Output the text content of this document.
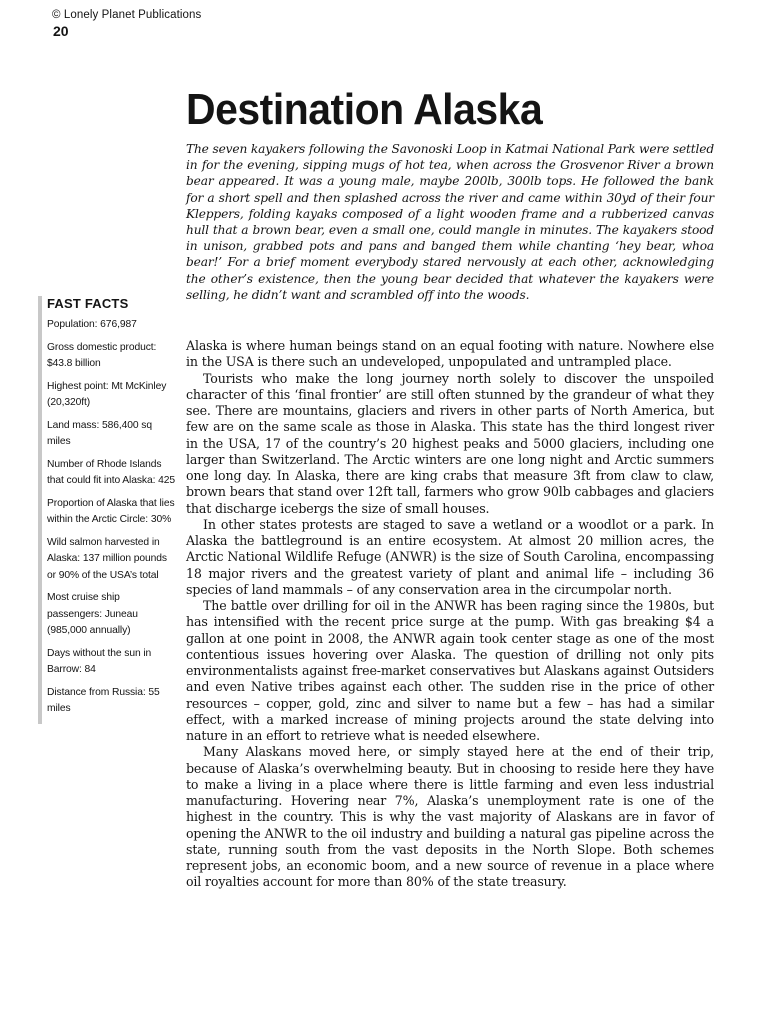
© Lonely Planet Publications
20
Destination Alaska

The seven kayakers following the Savonoski Loop in Katmai National Park were settled in for the evening, sipping mugs of hot tea, when across the Grosvenor River a brown bear appeared. It was a young male, maybe 200lb, 300lb tops. He followed the bank for a short spell and then splashed across the river and came within 30yd of their four Kleppers, folding kayaks composed of a light wooden frame and a rubberized canvas hull that a brown bear, even a small one, could mangle in minutes. The kayakers stood in unison, grabbed pots and pans and banged them while chanting ‘hey bear, whoa bear!’ For a brief moment everybody stared nervously at each other, acknowledging the other’s existence, then the young bear decided that whatever the kayakers were selling, he didn’t want and scrambled off into the woods.

FAST FACTS
Population: 676,987
Gross domestic product: $43.8 billion
Highest point: Mt McKinley (20,320ft)
Land mass: 586,400 sq miles
Number of Rhode Islands that could fit into Alaska: 425
Proportion of Alaska that lies within the Arctic Circle: 30%
Wild salmon harvested in Alaska: 137 million pounds or 90% of the USA’s total
Most cruise ship passengers: Juneau (985,000 annually)
Days without the sun in Barrow: 84
Distance from Russia: 55 miles

Alaska is where human beings stand on an equal footing with nature. Nowhere else in the USA is there such an undeveloped, unpopulated and untrampled place.

Tourists who make the long journey north solely to discover the unspoiled character of this ‘final frontier’ are still often stunned by the grandeur of what they see. There are mountains, glaciers and rivers in other parts of North America, but few are on the same scale as those in Alaska. This state has the third longest river in the USA, 17 of the country’s 20 highest peaks and 5000 glaciers, including one larger than Switzerland. The Arctic winters are one long night and Arctic summers one long day. In Alaska, there are king crabs that measure 3ft from claw to claw, brown bears that stand over 12ft tall, farmers who grow 90lb cabbages and glaciers that discharge icebergs the size of small houses.

In other states protests are staged to save a wetland or a woodlot or a park. In Alaska the battleground is an entire ecosystem. At almost 20 million acres, the Arctic National Wildlife Refuge (ANWR) is the size of South Carolina, encompassing 18 major rivers and the greatest variety of plant and animal life – including 36 species of land mammals – of any conservation area in the circumpolar north.

The battle over drilling for oil in the ANWR has been raging since the 1980s, but has intensified with the recent price surge at the pump. With gas breaking $4 a gallon at one point in 2008, the ANWR again took center stage as one of the most contentious issues hovering over Alaska. The question of drilling not only pits environmentalists against free-market conservatives but Alaskans against Outsiders and even Native tribes against each other. The sudden rise in the price of other resources – copper, gold, zinc and silver to name but a few – has had a similar effect, with a marked increase of mining projects around the state delving into nature in an effort to retrieve what is needed elsewhere.

Many Alaskans moved here, or simply stayed here at the end of their trip, because of Alaska’s overwhelming beauty. But in choosing to reside here they have to make a living in a place where there is little farming and even less industrial manufacturing. Hovering near 7%, Alaska’s unemployment rate is one of the highest in the country. This is why the vast majority of Alaskans are in favor of opening the ANWR to the oil industry and building a natural gas pipeline across the state, running south from the vast deposits in the North Slope. Both schemes represent jobs, an economic boom, and a new source of revenue in a place where oil royalties account for more than 80% of the state treasury.
